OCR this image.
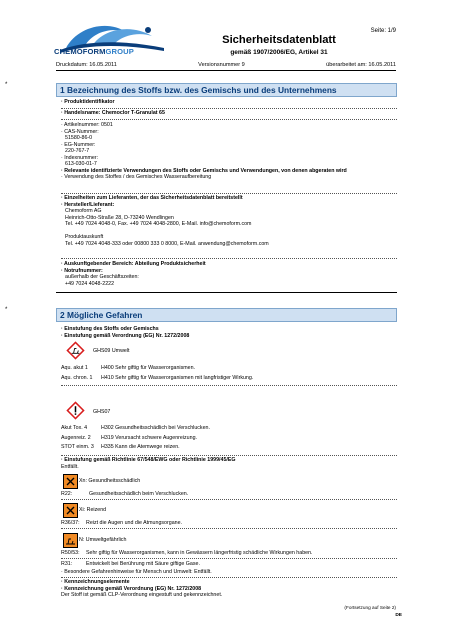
CHEMOFORMGROUP
Seite: 1/9
Sicherheitsdatenblatt
gemäß 1907/2006/EG, Artikel 31
Druckdatum: 16.05.2011	Versionsnummer 9	überarbeitet am: 16.05.2011
*	1 Bezeichnung des Stoffs bzw. des Gemischs und des Unternehmens

· Produktidentifikator

· Handelsname: Chemoclor T-Granulat 65

· Artikelnummer: 0501

· CAS-Nummer:

51580-86-0

· EG-Nummer:

220-767-7

· Indexnummer:

613-030-01-7

· Relevante identifizierte Verwendungen des Stoffs oder Gemischs und Verwendungen, von denen abgeraten wird

· Verwendung des Stoffes / des Gemisches Wasseraufbereitung

· Einzelheiten zum Lieferanten, der das Sicherheitsdatenblatt bereitstellt

· Hersteller/Lieferant:

Chemoform AG

Heinrich-Otto-Straße 28, D-73240 Wendlingen

Tel. +49 7024 4048-0, Fax. +49 7024 4048-2800, E-Mail. info@chemoform.com

Produktauskunft

Tel. +49 7024 4048-333 oder 00800 333 0 8000, E-Mail. anwendung@chemoform.com

· Auskunftgebender Bereich: Abteilung Produktsicherheit

· Notrufnummer:

außerhalb der Geschäftszeiten:

+49 7024 4048-2222

*	2 Mögliche Gefahren

· Einstufung des Stoffs oder Gemischs

· Einstufung gemäß Verordnung (EG) Nr. 1272/2008

GHS09 Umwelt
Aqu. akut 1	H400 Sehr giftig für Wasserorganismen.
Aqu. chron. 1	H410 Sehr giftig für Wasserorganismen mit langfristiger Wirkung.
GHS07
Akut Tox. 4	H302 Gesundheitsschädlich bei Verschlucken.
Augenreiz. 2	H319 Verursacht schwere Augenreizung.
STOT einm. 3	H335 Kann die Atemwege reizen.

· Einstufung gemäß Richtlinie 67/548/EWG oder Richtlinie 1999/45/EG

Entfällt.

Xn: Gesundheitsschädlich
R22:	Gesundheitsschädlich beim Verschlucken.
Xi: Reizend
R36/37:	Reizt die Augen und die Atmungsorgane.
N: Umweltgefährlich
R50/53:	Sehr giftig für Wasserorganismen, kann in Gewässern längerfristig schädliche Wirkungen haben.
R31:	Entwickelt bei Berührung mit Säure giftige Gase.

· Besondere Gefahrenhinweise für Mensch und Umwelt: Entfällt.

· Kennzeichnungselemente

· Kennzeichnung gemäß Verordnung (EG) Nr. 1272/2008

Der Stoff ist gemäß CLP-Verordnung eingestuft und gekennzeichnet.

(Fortsetzung auf Seite 2)
DE
